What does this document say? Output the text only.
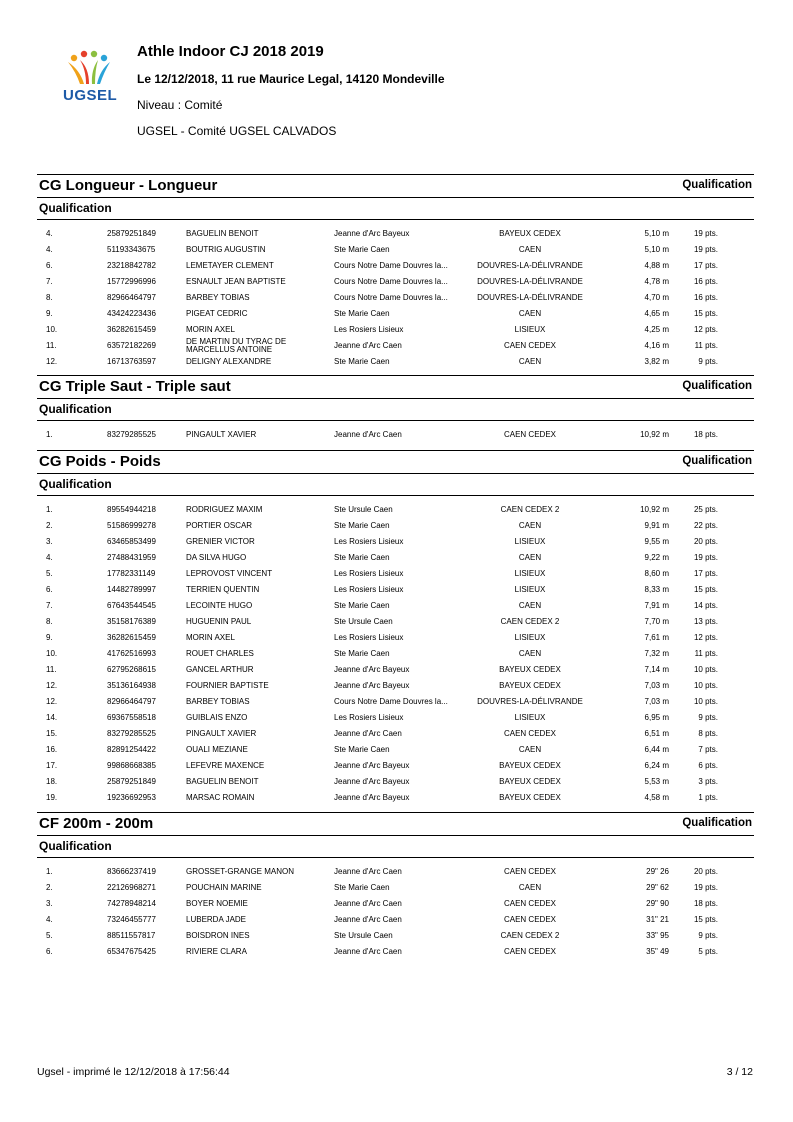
UGSEL
Athle Indoor CJ 2018 2019
Le 12/12/2018, 11 rue Maurice Legal, 14120 Mondeville
Niveau : Comité
UGSEL - Comité UGSEL CALVADOS
CG Longueur - Longueur	Qualification
Qualification
4.	25879251849	BAGUELIN BENOIT	Jeanne d'Arc Bayeux	BAYEUX CEDEX	5,10 m	19 pts.
4.	51193343675	BOUTRIG AUGUSTIN	Ste Marie Caen	CAEN	5,10 m	19 pts.
6.	23218842782	LEMETAYER CLEMENT	Cours Notre Dame Douvres la...	DOUVRES-LA-DÉLIVRANDE	4,88 m	17 pts.
7.	15772996996	ESNAULT JEAN BAPTISTE	Cours Notre Dame Douvres la...	DOUVRES-LA-DÉLIVRANDE	4,78 m	16 pts.
8.	82966464797	BARBEY TOBIAS	Cours Notre Dame Douvres la...	DOUVRES-LA-DÉLIVRANDE	4,70 m	16 pts.
9.	43424223436	PIGEAT CEDRIC	Ste Marie Caen	CAEN	4,65 m	15 pts.
10.	36282615459	MORIN AXEL	Les Rosiers Lisieux	LISIEUX	4,25 m	12 pts.
11.	63572182269	DE MARTIN DU TYRAC DE MARCELLUS ANTOINE	Jeanne d'Arc Caen	CAEN CEDEX	4,16 m	11 pts.
12.	16713763597	DELIGNY ALEXANDRE	Ste Marie Caen	CAEN	3,82 m	9 pts.
CG Triple Saut - Triple saut	Qualification
Qualification
1.	83279285525	PINGAULT XAVIER	Jeanne d'Arc Caen	CAEN CEDEX	10,92 m	18 pts.
CG Poids - Poids	Qualification
Qualification
1.	89554944218	RODRIGUEZ MAXIM	Ste Ursule Caen	CAEN CEDEX 2	10,92 m	25 pts.
2.	51586999278	PORTIER OSCAR	Ste Marie Caen	CAEN	9,91 m	22 pts.
3.	63465853499	GRENIER VICTOR	Les Rosiers Lisieux	LISIEUX	9,55 m	20 pts.
4.	27488431959	DA SILVA HUGO	Ste Marie Caen	CAEN	9,22 m	19 pts.
5.	17782331149	LEPROVOST VINCENT	Les Rosiers Lisieux	LISIEUX	8,60 m	17 pts.
6.	14482789997	TERRIEN QUENTIN	Les Rosiers Lisieux	LISIEUX	8,33 m	15 pts.
7.	67643544545	LECOINTE HUGO	Ste Marie Caen	CAEN	7,91 m	14 pts.
8.	35158176389	HUGUENIN PAUL	Ste Ursule Caen	CAEN CEDEX 2	7,70 m	13 pts.
9.	36282615459	MORIN AXEL	Les Rosiers Lisieux	LISIEUX	7,61 m	12 pts.
10.	41762516993	ROUET CHARLES	Ste Marie Caen	CAEN	7,32 m	11 pts.
11.	62795268615	GANCEL ARTHUR	Jeanne d'Arc Bayeux	BAYEUX CEDEX	7,14 m	10 pts.
12.	35136164938	FOURNIER BAPTISTE	Jeanne d'Arc Bayeux	BAYEUX CEDEX	7,03 m	10 pts.
12.	82966464797	BARBEY TOBIAS	Cours Notre Dame Douvres la...	DOUVRES-LA-DÉLIVRANDE	7,03 m	10 pts.
14.	69367558518	GUIBLAIS ENZO	Les Rosiers Lisieux	LISIEUX	6,95 m	9 pts.
15.	83279285525	PINGAULT XAVIER	Jeanne d'Arc Caen	CAEN CEDEX	6,51 m	8 pts.
16.	82891254422	OUALI MEZIANE	Ste Marie Caen	CAEN	6,44 m	7 pts.
17.	99868668385	LEFEVRE MAXENCE	Jeanne d'Arc Bayeux	BAYEUX CEDEX	6,24 m	6 pts.
18.	25879251849	BAGUELIN BENOIT	Jeanne d'Arc Bayeux	BAYEUX CEDEX	5,53 m	3 pts.
19.	19236692953	MARSAC ROMAIN	Jeanne d'Arc Bayeux	BAYEUX CEDEX	4,58 m	1 pts.
CF 200m - 200m	Qualification
Qualification
1.	83666237419	GROSSET-GRANGE MANON	Jeanne d'Arc Caen	CAEN CEDEX	29" 26	20 pts.
2.	22126968271	POUCHAIN MARINE	Ste Marie Caen	CAEN	29" 62	19 pts.
3.	74278948214	BOYER NOEMIE	Jeanne d'Arc Caen	CAEN CEDEX	29" 90	18 pts.
4.	73246455777	LUBERDA JADE	Jeanne d'Arc Caen	CAEN CEDEX	31" 21	15 pts.
5.	88511557817	BOISDRON INES	Ste Ursule Caen	CAEN CEDEX 2	33" 95	9 pts.
6.	65347675425	RIVIERE CLARA	Jeanne d'Arc Caen	CAEN CEDEX	35" 49	5 pts.
Ugsel - imprimé le 12/12/2018 à 17:56:44	3 / 12
